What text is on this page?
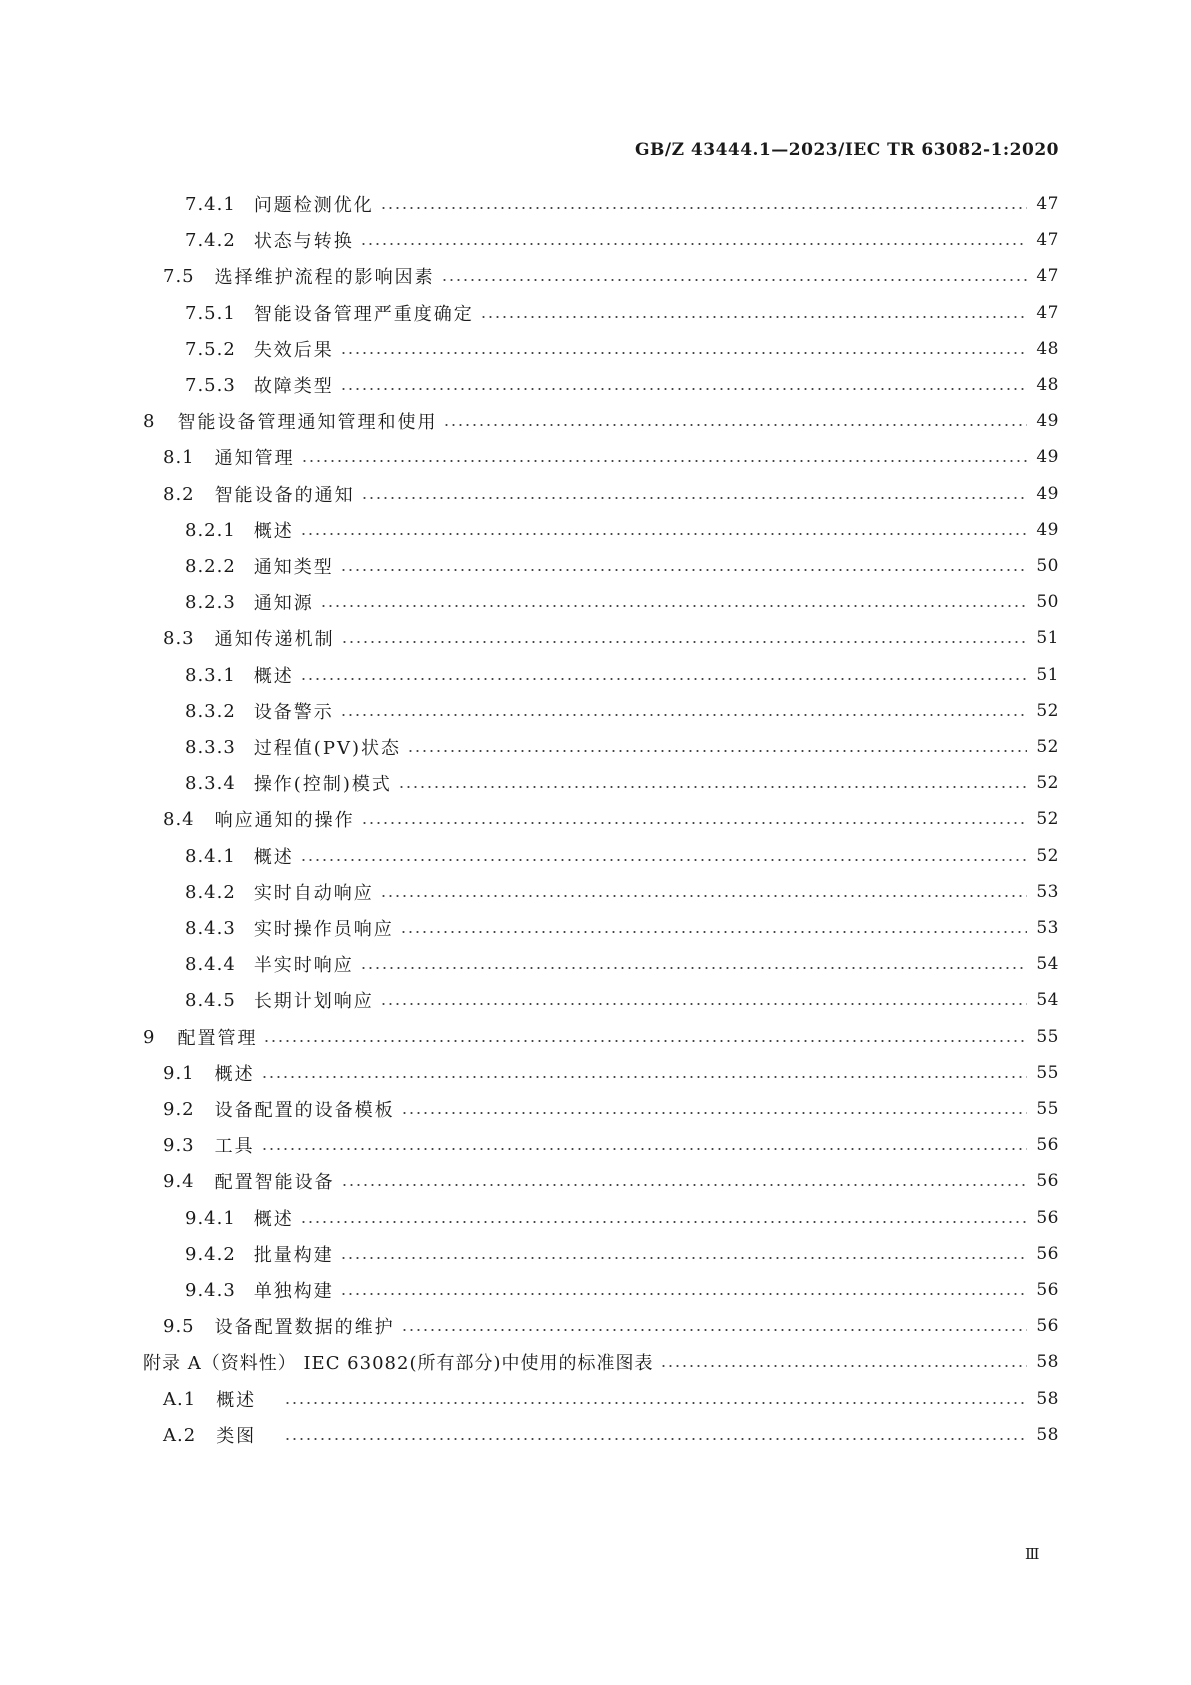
GB/Z 43444.1—2023/IEC TR 63082-1:2020
7.4.1 问题检测优化	47
7.4.2 状态与转换	47
7.5 选择维护流程的影响因素	47
7.5.1 智能设备管理严重度确定	47
7.5.2 失效后果	48
7.5.3 故障类型	48
8 智能设备管理通知管理和使用	49
8.1 通知管理	49
8.2 智能设备的通知	49
8.2.1 概述	49
8.2.2 通知类型	50
8.2.3 通知源	50
8.3 通知传递机制	51
8.3.1 概述	51
8.3.2 设备警示	52
8.3.3 过程值(PV)状态	52
8.3.4 操作(控制)模式	52
8.4 响应通知的操作	52
8.4.1 概述	52
8.4.2 实时自动响应	53
8.4.3 实时操作员响应	53
8.4.4 半实时响应	54
8.4.5 长期计划响应	54
9 配置管理	55
9.1 概述	55
9.2 设备配置的设备模板	55
9.3 工具	56
9.4 配置智能设备	56
9.4.1 概述	56
9.4.2 批量构建	56
9.4.3 单独构建	56
9.5 设备配置数据的维护	56
附录 A（资料性） IEC 63082(所有部分)中使用的标准图表	58
A.1 概述	58
A.2 类图	58
Ⅲ
